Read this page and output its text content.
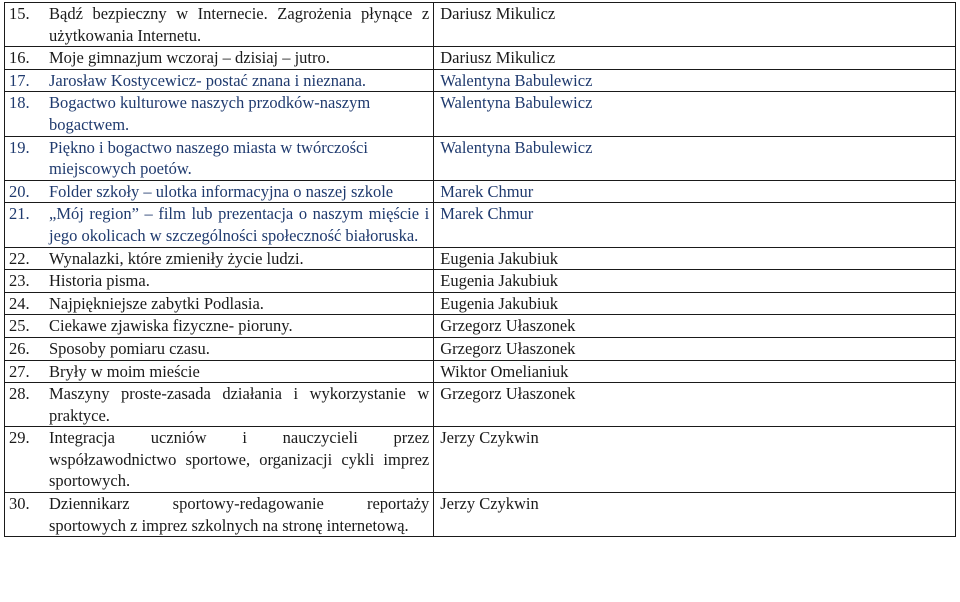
15. Bądź bezpieczny w Internecie. Zagrożenia płynące z użytkowania Internetu.	Dariusz Mikulicz

16. Moje gimnazjum wczoraj – dzisiaj – jutro.	Dariusz Mikulicz

17. Jarosław Kostycewicz- postać znana i nieznana.	Walentyna Babulewicz

18. Bogactwo kulturowe naszych przodków-naszym bogactwem.	Walentyna Babulewicz

19. Piękno i bogactwo naszego miasta w twórczości miejscowych poetów.	Walentyna Babulewicz

20. Folder szkoły – ulotka informacyjna o naszej szkole	Marek Chmur

21. „Mój region” – film lub prezentacja o naszym mięście i jego okolicach w szczególności społeczność białoruska.	Marek Chmur

22. Wynalazki, które zmieniły życie ludzi.	Eugenia Jakubiuk

23. Historia pisma.	Eugenia Jakubiuk

24. Najpiękniejsze zabytki Podlasia.	Eugenia Jakubiuk

25. Ciekawe zjawiska fizyczne- pioruny.	Grzegorz Ułaszonek

26. Sposoby pomiaru czasu.	Grzegorz Ułaszonek

27. Bryły w moim mieście	Wiktor Omelianiuk

28. Maszyny proste-zasada działania i wykorzystanie w praktyce.	Grzegorz Ułaszonek

29. Integracja uczniów i nauczycieli przez współzawodnictwo sportowe, organizacji cykli imprez sportowych.	Jerzy Czykwin

30. Dziennikarz sportowy-redagowanie reportaży sportowych z imprez szkolnych na stronę internetową.	Jerzy Czykwin
